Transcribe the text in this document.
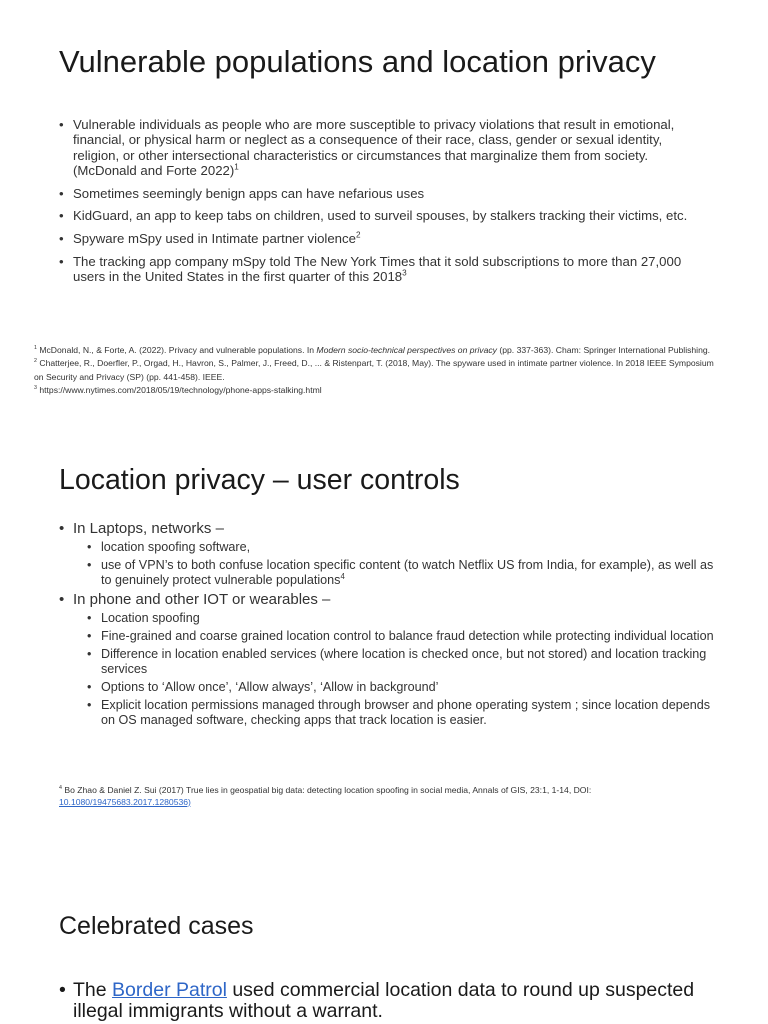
Vulnerable populations and location privacy
• Vulnerable individuals as people who are more susceptible to privacy violations that result in emotional, financial, or physical harm or neglect as a consequence of their race, class, gender or sexual identity, religion, or other intersectional characteristics or circumstances that marginalize them from society. (McDonald and Forte 2022)$^1$
• Sometimes seemingly benign apps can have nefarious uses
• KidGuard, an app to keep tabs on children, used to surveil spouses, by stalkers tracking their victims, etc.
• Spyware mSpy used in Intimate partner violence$^2$
• The tracking app company mSpy told The New York Times that it sold subscriptions to more than 27,000 users in the United States in the first quarter of this 2018$^3$
$^1$ McDonald, N., & Forte, A. (2022). Privacy and vulnerable populations. In Modern socio-technical perspectives on privacy (pp. 337-363). Cham: Springer International Publishing.
$^2$ Chatterjee, R., Doerfler, P., Orgad, H., Havron, S., Palmer, J., Freed, D., ... & Ristenpart, T. (2018, May). The spyware used in intimate partner violence. In 2018 IEEE Symposium on Security and Privacy (SP) (pp. 441-458). IEEE.
$^3$ https://www.nytimes.com/2018/05/19/technology/phone-apps-stalking.html
Location privacy – user controls
• In Laptops, networks –
• location spoofing software,
• use of VPN’s to both confuse location specific content (to watch Netflix US from India, for example), as well as to genuinely protect vulnerable populations$^4$
• In phone and other IOT or wearables –
• Location spoofing
• Fine-grained and coarse grained location control to balance fraud detection while protecting individual location
• Difference in location enabled services (where location is checked once, but not stored) and location tracking services
• Options to ‘Allow once’, ‘Allow always’, ‘Allow in background’
• Explicit location permissions managed through browser and phone operating system ; since location depends on OS managed software, checking apps that track location is easier.
$^4$ Bo Zhao & Daniel Z. Sui (2017) True lies in geospatial big data: detecting location spoofing in social media, Annals of GIS, 23:1, 1-14, DOI: 10.1080/19475683.2017.1280536)
Celebrated cases
• The Border Patrol used commercial location data to round up suspected illegal immigrants without a warrant.
